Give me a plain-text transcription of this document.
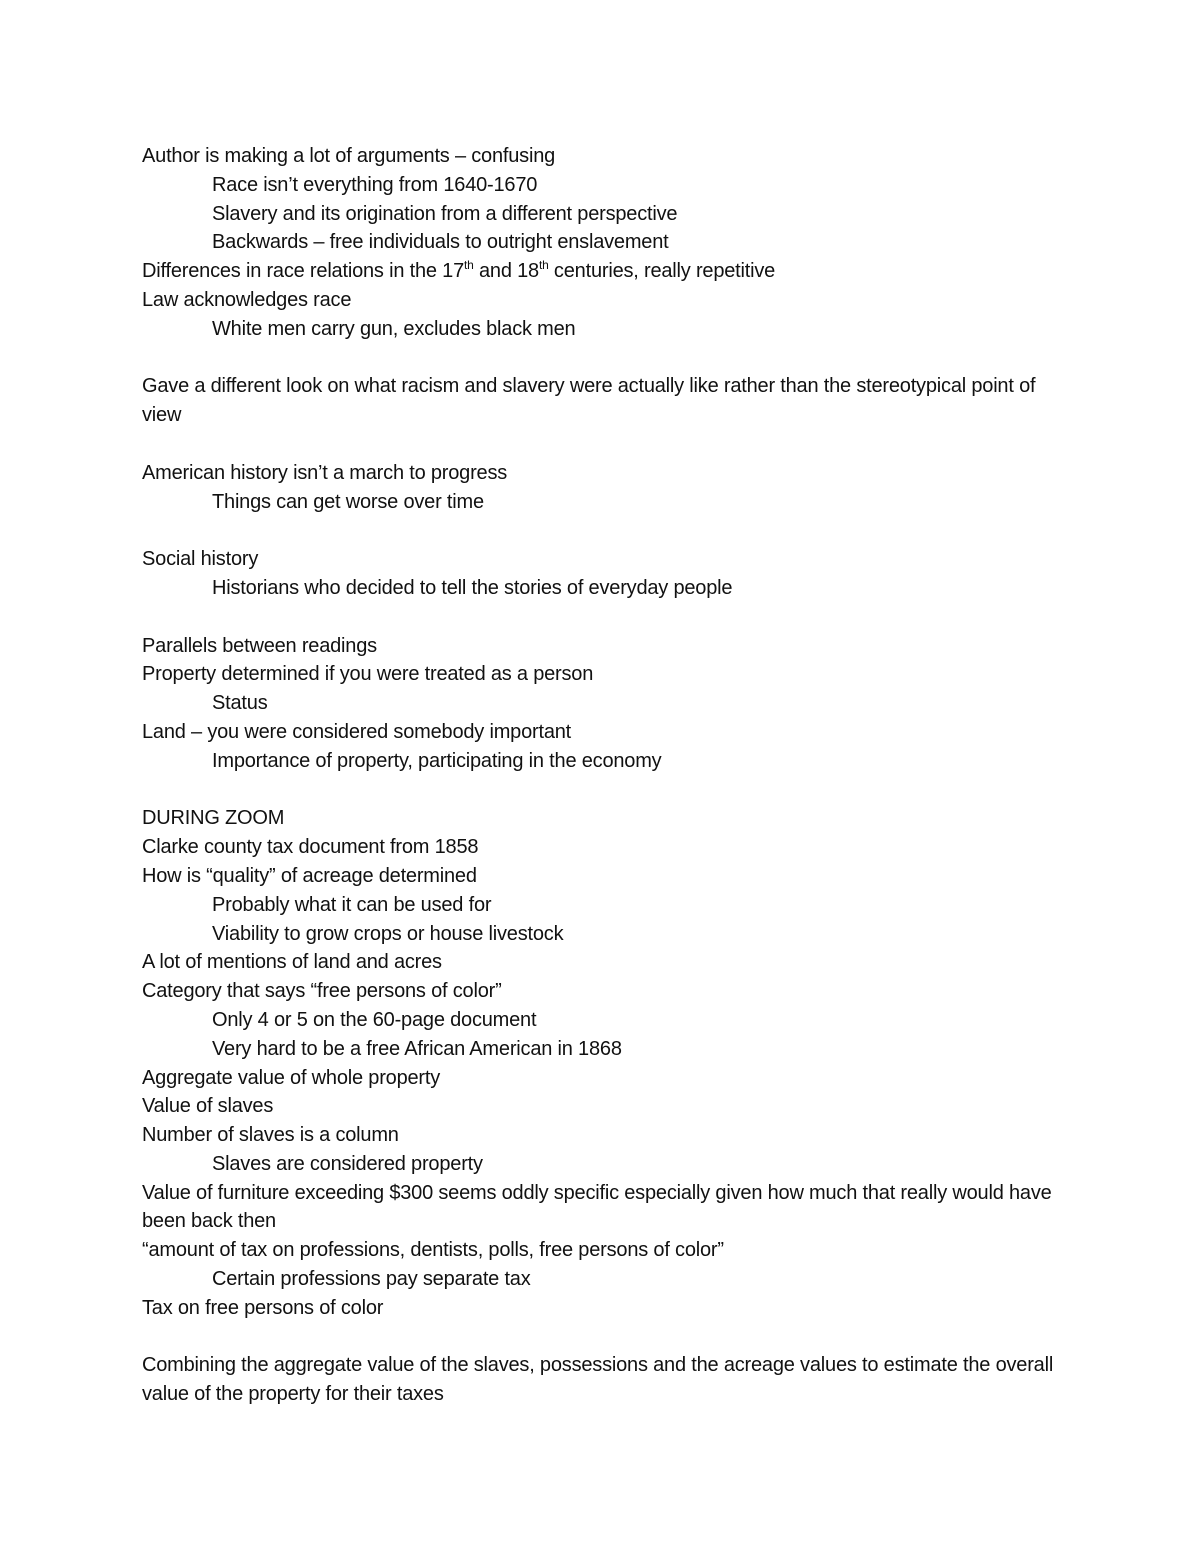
Author is making a lot of arguments – confusing

Race isn’t everything from 1640-1670

Slavery and its origination from a different perspective

Backwards – free individuals to outright enslavement

Differences in race relations in the 17th and 18th centuries, really repetitive

Law acknowledges race

White men carry gun, excludes black men

Gave a different look on what racism and slavery were actually like rather than the stereotypical point of view

American history isn’t a march to progress

Things can get worse over time

Social history

Historians who decided to tell the stories of everyday people

Parallels between readings

Property determined if you were treated as a person

Status

Land – you were considered somebody important

Importance of property, participating in the economy

DURING ZOOM

Clarke county tax document from 1858

How is “quality” of acreage determined

Probably what it can be used for

Viability to grow crops or house livestock

A lot of mentions of land and acres

Category that says “free persons of color”

Only 4 or 5 on the 60-page document

Very hard to be a free African American in 1868

Aggregate value of whole property

Value of slaves

Number of slaves is a column

Slaves are considered property

Value of furniture exceeding $300 seems oddly specific especially given how much that really would have been back then

“amount of tax on professions, dentists, polls, free persons of color”

Certain professions pay separate tax

Tax on free persons of color

Combining the aggregate value of the slaves, possessions and the acreage values to estimate the overall value of the property for their taxes
